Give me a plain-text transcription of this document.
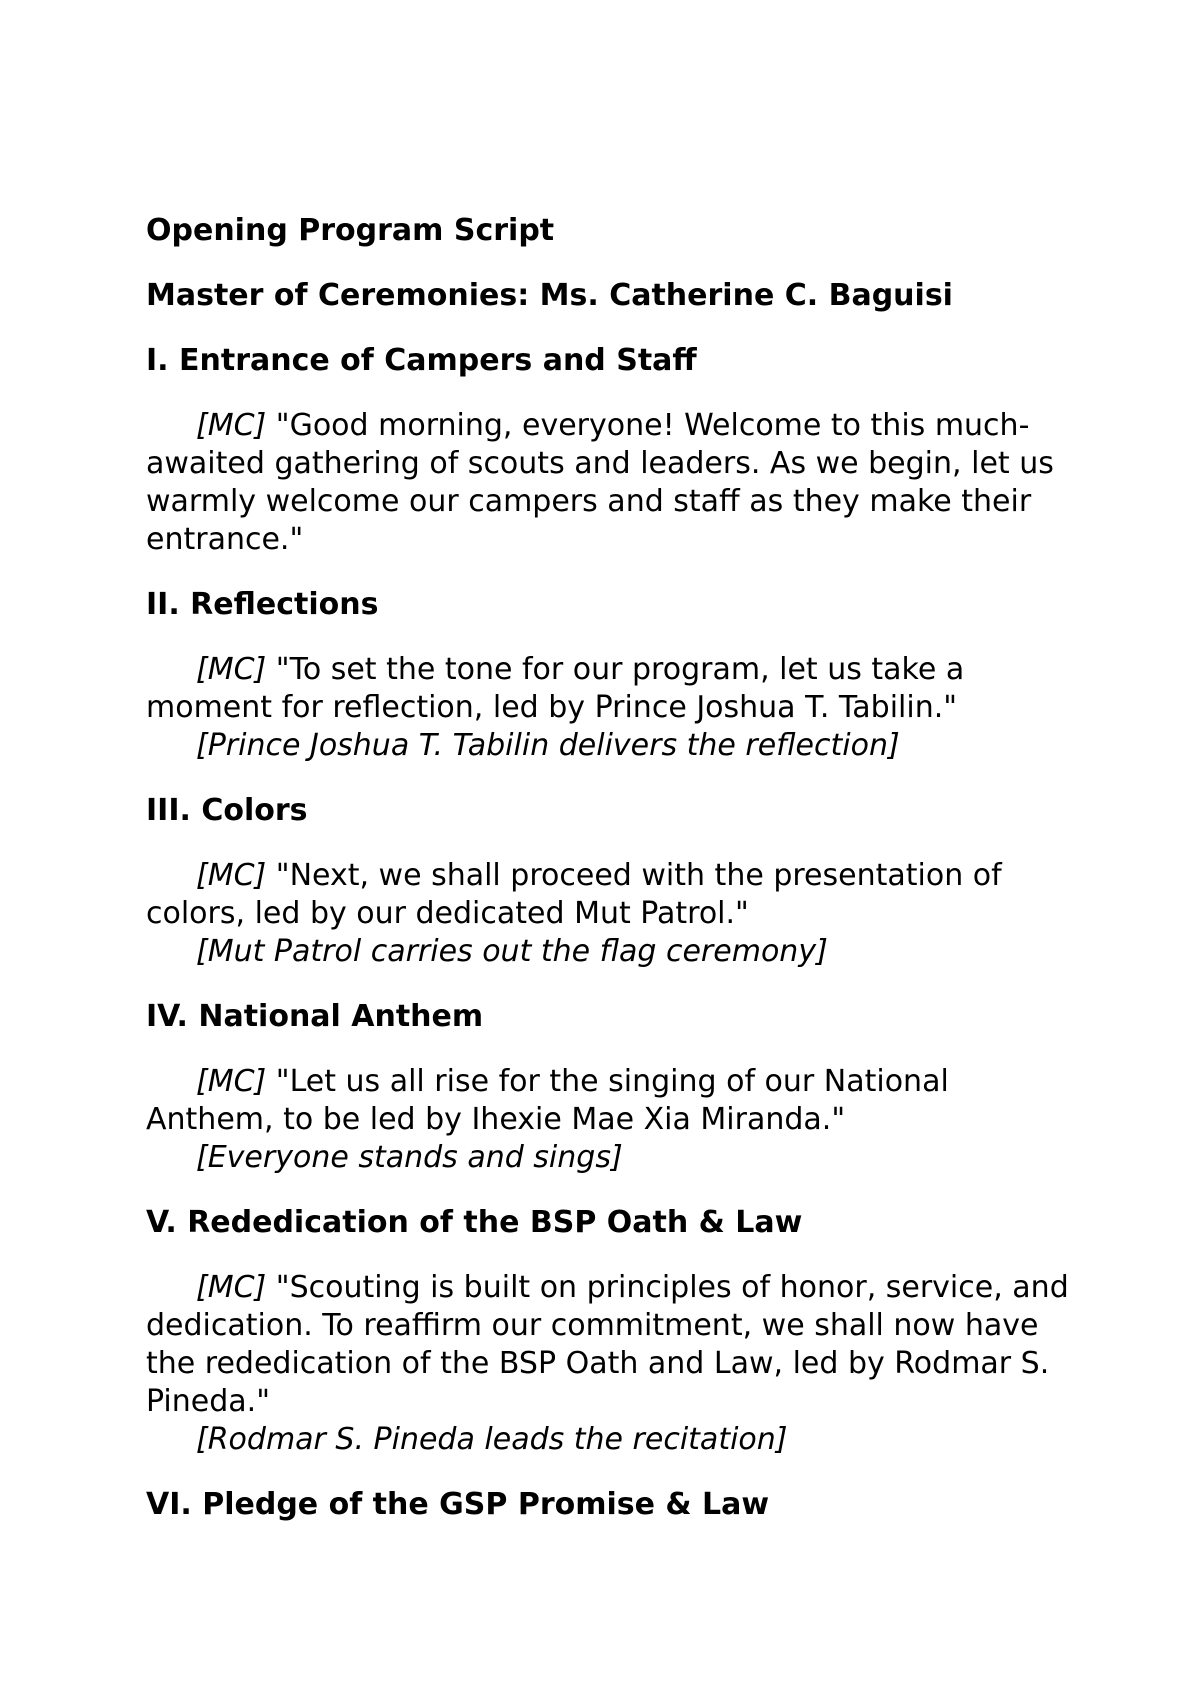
Opening Program Script

Master of Ceremonies: Ms. Catherine C. Baguisi

I. Entrance of Campers and Staff

[MC] "Good morning, everyone! Welcome to this much-awaited gathering of scouts and leaders. As we begin, let us warmly welcome our campers and staff as they make their entrance."

II. Reflections

[MC] "To set the tone for our program, let us take a moment for reflection, led by Prince Joshua T. Tabilin."

[Prince Joshua T. Tabilin delivers the reflection]

III. Colors

[MC] "Next, we shall proceed with the presentation of colors, led by our dedicated Mut Patrol."

[Mut Patrol carries out the flag ceremony]

IV. National Anthem

[MC] "Let us all rise for the singing of our National Anthem, to be led by Ihexie Mae Xia Miranda."

[Everyone stands and sings]

V. Rededication of the BSP Oath & Law

[MC] "Scouting is built on principles of honor, service, and dedication. To reaffirm our commitment, we shall now have the rededication of the BSP Oath and Law, led by Rodmar S. Pineda."

[Rodmar S. Pineda leads the recitation]

VI. Pledge of the GSP Promise & Law
